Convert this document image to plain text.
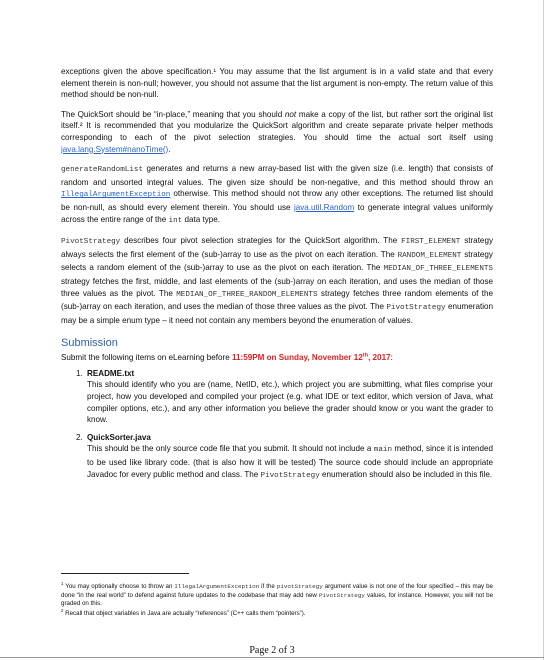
exceptions given the above specification.¹ You may assume that the list argument is in a valid state and that every element therein is non-null; however, you should not assume that the list argument is non-empty. The return value of this method should be non-null.

The QuickSort should be “in-place,” meaning that you should not make a copy of the list, but rather sort the original list itself.² It is recommended that you modularize the QuickSort algorithm and create separate private helper methods corresponding to each of the pivot selection strategies. You should time the actual sort itself using java.lang.System#nanoTime().

generateRandomList generates and returns a new array-based list with the given size (i.e. length) that consists of random and unsorted integral values. The given size should be non-negative, and this method should throw an IllegalArgumentException otherwise. This method should not throw any other exceptions. The returned list should be non-null, as should every element therein. You should use java.util.Random to generate integral values uniformly across the entire range of the int data type.

PivotStrategy describes four pivot selection strategies for the QuickSort algorithm. The FIRST_ELEMENT strategy always selects the first element of the (sub-)array to use as the pivot on each iteration. The RANDOM_ELEMENT strategy selects a random element of the (sub-)array to use as the pivot on each iteration. The MEDIAN_OF_THREE_ELEMENTS strategy fetches the first, middle, and last elements of the (sub-)array on each iteration, and uses the median of those three values as the pivot. The MEDIAN_OF_THREE_RANDOM_ELEMENTS strategy fetches three random elements of the (sub-)array on each iteration, and uses the median of those three values as the pivot. The PivotStrategy enumeration may be a simple enum type – it need not contain any members beyond the enumeration of values.

Submission
Submit the following items on eLearning before 11:59PM on Sunday, November 12th, 2017:
1. README.txt
This should identify who you are (name, NetID, etc.), which project you are submitting, what files comprise your project, how you developed and compiled your project (e.g. what IDE or text editor, which version of Java, what compiler options, etc.), and any other information you believe the grader should know or you want the grader to know.
2. QuickSorter.java
This should be the only source code file that you submit. It should not include a main method, since it is intended to be used like library code. (that is also how it will be tested) The source code should include an appropriate Javadoc for every public method and class. The PivotStrategy enumeration should also be included in this file.

$^1$ You may optionally choose to throw an IllegalArgumentException if the pivotStrategy argument value is not one of the four specified – this may be done “in the real world” to defend against future updates to the codebase that may add new PivotStrategy values, for instance. However, you will not be graded on this.

$^2$ Recall that object variables in Java are actually “references” (C++ calls them “pointers”).

Page 2 of 3
